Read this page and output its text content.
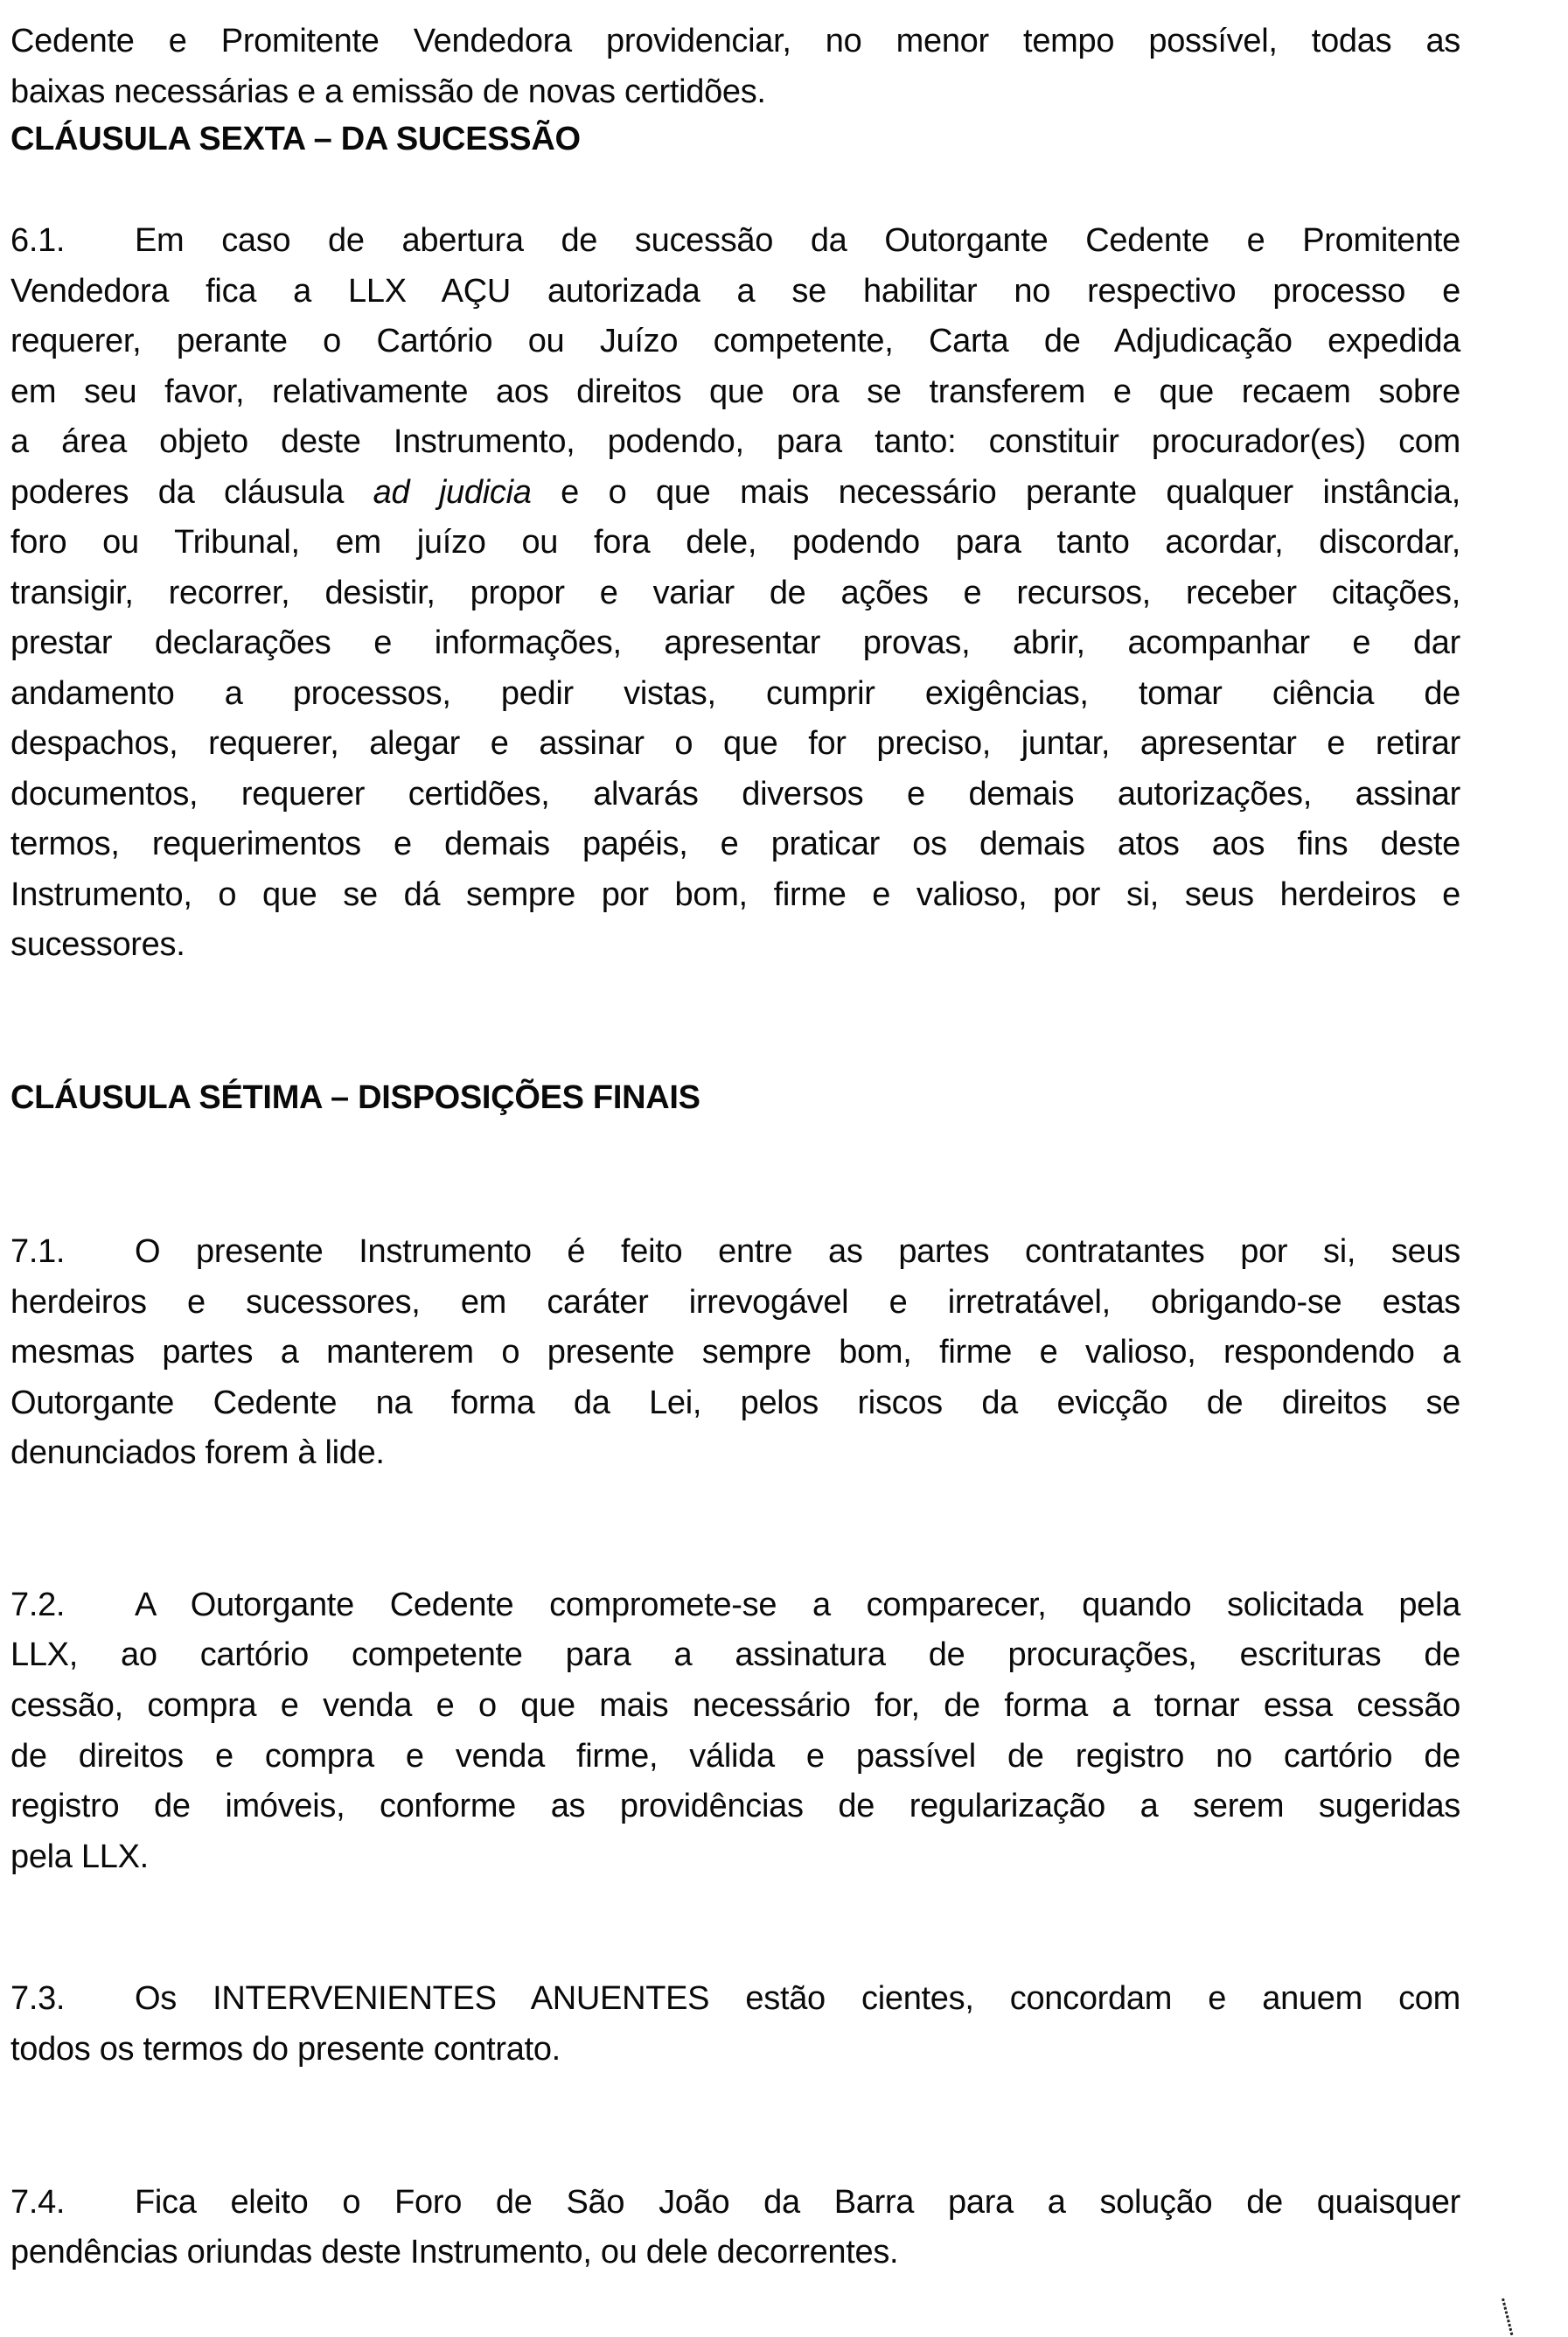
Cedente e Promitente Vendedora providenciar, no menor tempo possível, todas as
baixas necessárias e a emissão de novas certidões.
CLÁUSULA SEXTA – DA SUCESSÃO
6.1. Em caso de abertura de sucessão da Outorgante Cedente e Promitente
Vendedora fica a LLX AÇU autorizada a se habilitar no respectivo processo e
requerer, perante o Cartório ou Juízo competente, Carta de Adjudicação expedida
em seu favor, relativamente aos direitos que ora se transferem e que recaem sobre
a área objeto deste Instrumento, podendo, para tanto: constituir procurador(es) com
poderes da cláusula ad judicia e o que mais necessário perante qualquer instância,
foro ou Tribunal, em juízo ou fora dele, podendo para tanto acordar, discordar,
transigir, recorrer, desistir, propor e variar de ações e recursos, receber citações,
prestar declarações e informações, apresentar provas, abrir, acompanhar e dar
andamento a processos, pedir vistas, cumprir exigências, tomar ciência de
despachos, requerer, alegar e assinar o que for preciso, juntar, apresentar e retirar
documentos, requerer certidões, alvarás diversos e demais autorizações, assinar
termos, requerimentos e demais papéis, e praticar os demais atos aos fins deste
Instrumento, o que se dá sempre por bom, firme e valioso, por si, seus herdeiros e
sucessores.
CLÁUSULA SÉTIMA – DISPOSIÇÕES FINAIS
7.1. O presente Instrumento é feito entre as partes contratantes por si, seus
herdeiros e sucessores, em caráter irrevogável e irretratável, obrigando-se estas
mesmas partes a manterem o presente sempre bom, firme e valioso, respondendo a
Outorgante Cedente na forma da Lei, pelos riscos da evicção de direitos se
denunciados forem à lide.
7.2. A Outorgante Cedente compromete-se a comparecer, quando solicitada pela
LLX, ao cartório competente para a assinatura de procurações, escrituras de
cessão, compra e venda e o que mais necessário for, de forma a tornar essa cessão
de direitos e compra e venda firme, válida e passível de registro no cartório de
registro de imóveis, conforme as providências de regularização a serem sugeridas
pela LLX.
7.3. Os INTERVENIENTES ANUENTES estão cientes, concordam e anuem com
todos os termos do presente contrato.
7.4. Fica eleito o Foro de São João da Barra para a solução de quaisquer
pendências oriundas deste Instrumento, ou dele decorrentes.
